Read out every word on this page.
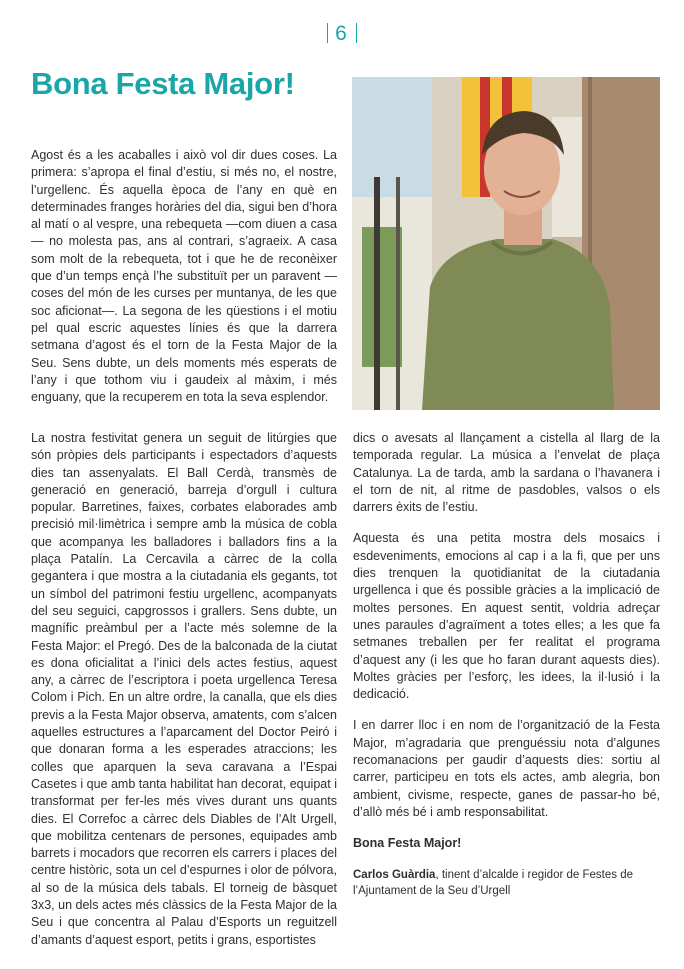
6
Bona Festa Major!

Agost és a les acaballes i això vol dir dues coses. La primera: s’apropa el final d’estiu, si més no, el nostre, l’urgellenc. És aquella època de l’any en què en determinades franges horàries del dia, sigui ben d’hora al matí o al vespre, una rebequeta —com diuen a casa— no molesta pas, ans al contrari, s’agraeix. A casa som molt de la rebequeta, tot i que he de reconèixer que d’un temps ençà l’he substituït per un paravent —coses del món de les curses per muntanya, de les que soc aficionat—. La segona de les qüestions i el motiu pel qual escric aquestes línies és que la darrera setmana d’agost és el torn de la Festa Major de la Seu. Sens dubte, un dels moments més esperats de l’any i que tothom viu i gaudeix al màxim, i més enguany, que la recuperem en tota la seva esplendor.

La nostra festivitat genera un seguit de litúrgies que són pròpies dels participants i espectadors d’aquests dies tan assenyalats. El Ball Cerdà, transmès de generació en generació, barreja d’orgull i cultura popular. Barretines, faixes, corbates elaborades amb precisió mil·limètrica i sempre amb la música de cobla que acompanya les balladores i balladors fins a la plaça Patalín. La Cercavila a càrrec de la colla gegantera i que mostra a la ciutadania els gegants, tot un símbol del patrimoni festiu urgellenc, acompanyats del seu seguici, capgrossos i grallers. Sens dubte, un magnífic preàmbul per a l’acte més solemne de la Festa Major: el Pregó. Des de la balconada de la ciutat es dona oficialitat a l’inici dels actes festius, aquest any, a càrrec de l’escriptora i poeta urgellenca Teresa Colom i Pich. En un altre ordre, la canalla, que els dies previs a la Festa Major observa, amatents, com s’alcen aquelles estructures a l’aparcament del Doctor Peiró i que donaran forma a les esperades atraccions; les colles que aparquen la seva caravana a l’Espai Casetes i que amb tanta habilitat han decorat, equipat i transformat per fer-les més vives durant uns quants dies. El Correfoc a càrrec dels Diables de l’Alt Urgell, que mobilitza centenars de persones, equipades amb barrets i mocadors que recorren els carrers i places del centre històric, sota un cel d’espurnes i olor de pólvora, al so de la música dels tabals. El torneig de bàsquet 3x3, un dels actes més clàssics de la Festa Major de la Seu i que concentra al Palau d’Esports un reguitzell d’amants d’aquest esport, petits i grans, esportistes

dics o avesats al llançament a cistella al llarg de la temporada regular. La música a l’envelat de plaça Catalunya. La de tarda, amb la sardana o l’havanera i el torn de nit, al ritme de pasdobles, valsos o els darrers èxits de l’estiu.

Aquesta és una petita mostra dels mosaics i esdeveniments, emocions al cap i a la fi, que per uns dies trenquen la quotidianitat de la ciutadania urgellenca i que és possible gràcies a la implicació de moltes persones. En aquest sentit, voldria adreçar unes paraules d’agraïment a totes elles; a les que fa setmanes treballen per fer realitat el programa d’aquest any (i les que ho faran durant aquests dies). Moltes gràcies per l’esforç, les idees, la il·lusió i la dedicació.

I en darrer lloc i en nom de l’organització de la Festa Major, m’agradaria que prenguéssiu nota d’algunes recomanacions per gaudir d’aquests dies: sortiu al carrer, participeu en tots els actes, amb alegria, bon ambient, civisme, respecte, ganes de passar-ho bé, d’allò més bé i amb responsabilitat.

Bona Festa Major!

Carlos Guàrdia, tinent d’alcalde i regidor de Festes de l’Ajuntament de la Seu d’Urgell
